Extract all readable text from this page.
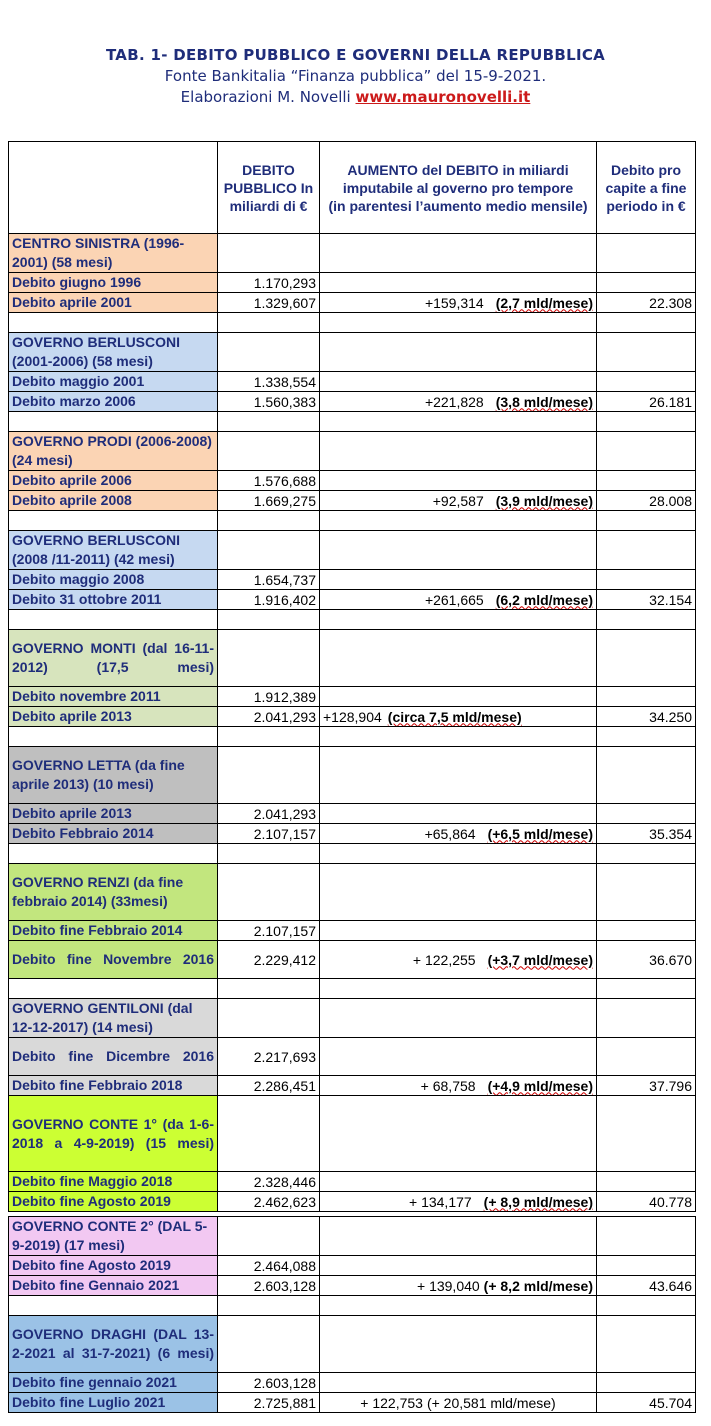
TAB. 1- DEBITO PUBBLICO E GOVERNI DELLA REPUBBLICA
Fonte Bankitalia “Finanza pubblica” del 15-9-2021.
Elaborazioni M. Novelli www.mauronovelli.it
	DEBITO PUBBLICO In miliardi di €	AUMENTO del DEBITO in miliardi imputabile al governo pro tempore
(in parentesi l’aumento medio mensile)	Debito pro capite a fine periodo in €
CENTRO SINISTRA (1996-2001) (58 mesi)			
Debito giugno 1996	1.170,293		
Debito aprile 2001	1.329,607	+159,314 (2,7 mld/mese)	22.308

GOVERNO BERLUSCONI (2001-2006) (58 mesi)			
Debito maggio 2001	1.338,554		
Debito marzo 2006	1.560,383	+221,828 (3,8 mld/mese)	26.181

GOVERNO PRODI (2006-2008) (24 mesi)			
Debito aprile 2006	1.576,688		
Debito aprile 2008	1.669,275	+92,587 (3,9 mld/mese)	28.008

GOVERNO BERLUSCONI (2008 /11-2011) (42 mesi)			
Debito maggio 2008	1.654,737		
Debito 31 ottobre 2011	1.916,402	+261,665 (6,2 mld/mese)	32.154

GOVERNO MONTI (dal 16-11-2012) (17,5 mesi)			
Debito novembre 2011	1.912,389		
Debito aprile 2013	2.041,293	+128,904 (circa 7,5 mld/mese)	34.250

GOVERNO LETTA (da fine aprile 2013) (10 mesi)			
Debito aprile 2013	2.041,293		
Debito Febbraio 2014	2.107,157	+65,864 (+6,5 mld/mese)	35.354

GOVERNO RENZI (da fine febbraio 2014) (33mesi)			
Debito fine Febbraio 2014	2.107,157		
Debito fine Novembre 2016	2.229,412	+ 122,255 (+3,7 mld/mese)	36.670

GOVERNO GENTILONI (dal 12-12-2017) (14 mesi)			
Debito fine Dicembre 2016	2.217,693		
Debito fine Febbraio 2018	2.286,451	+ 68,758 (+4,9 mld/mese)	37.796
GOVERNO CONTE 1° (da 1-6-2018 a 4-9-2019) (15 mesi)			
Debito fine Maggio 2018	2.328,446		
Debito fine Agosto 2019	2.462,623	+ 134,177 (+ 8,9 mld/mese)	40.778
GOVERNO CONTE 2° (DAL 5-9-2019) (17 mesi)			
Debito fine Agosto 2019	2.464,088		
Debito fine Gennaio 2021	2.603,128	+ 139,040 (+ 8,2 mld/mese)	43.646

GOVERNO DRAGHI (DAL 13-2-2021 al 31-7-2021) (6 mesi)			
Debito fine gennaio 2021	2.603,128		
Debito fine Luglio 2021	2.725,881	+ 122,753 (+ 20,581 mld/mese)	45.704
